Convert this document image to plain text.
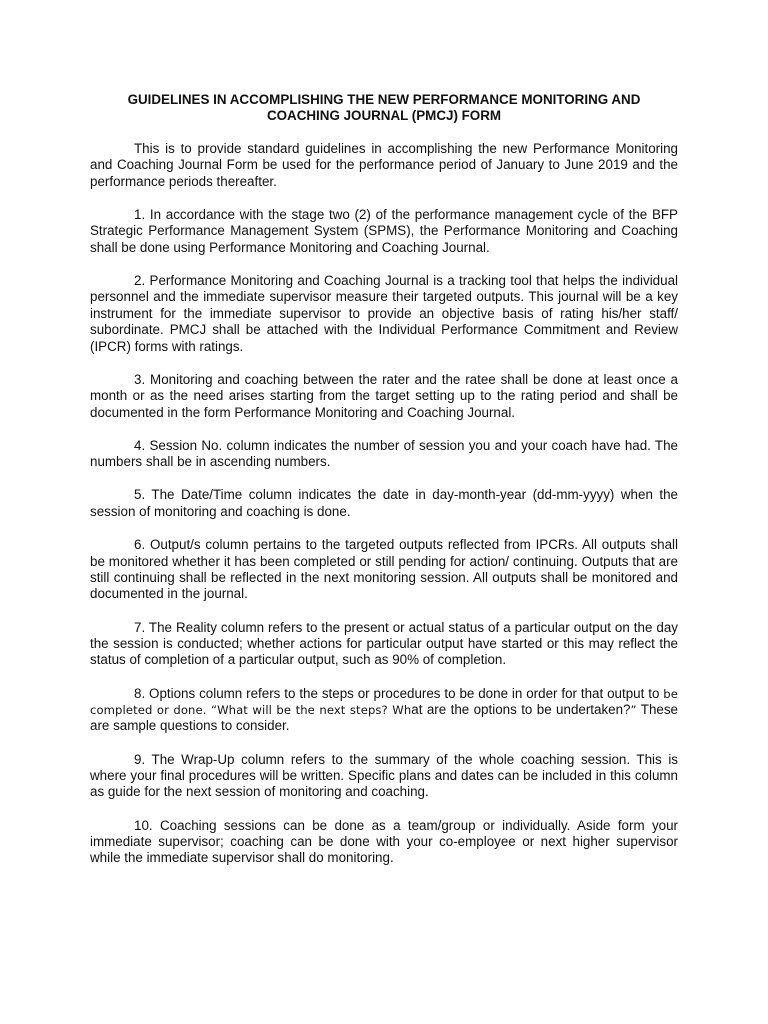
GUIDELINES IN ACCOMPLISHING THE NEW PERFORMANCE MONITORING AND
COACHING JOURNAL (PMCJ) FORM

This is to provide standard guidelines in accomplishing the new Performance Monitoring and Coaching Journal Form be used for the performance period of January to June 2019 and the performance periods thereafter.

1. In accordance with the stage two (2) of the performance management cycle of the BFP Strategic Performance Management System (SPMS), the Performance Monitoring and Coaching shall be done using Performance Monitoring and Coaching Journal.

2. Performance Monitoring and Coaching Journal is a tracking tool that helps the individual personnel and the immediate supervisor measure their targeted outputs. This journal will be a key instrument for the immediate supervisor to provide an objective basis of rating his/her staff/ subordinate. PMCJ shall be attached with the Individual Performance Commitment and Review (IPCR) forms with ratings.

3. Monitoring and coaching between the rater and the ratee shall be done at least once a month or as the need arises starting from the target setting up to the rating period and shall be documented in the form Performance Monitoring and Coaching Journal.

4. Session No. column indicates the number of session you and your coach have had. The numbers shall be in ascending numbers.

5. The Date/Time column indicates the date in day-month-year (dd-mm-yyyy) when the session of monitoring and coaching is done.

6. Output/s column pertains to the targeted outputs reflected from IPCRs. All outputs shall be monitored whether it has been completed or still pending for action/ continuing. Outputs that are still continuing shall be reflected in the next monitoring session. All outputs shall be monitored and documented in the journal.

7. The Reality column refers to the present or actual status of a particular output on the day the session is conducted; whether actions for particular output have started or this may reflect the status of completion of a particular output, such as 90% of completion.

8. Options column refers to the steps or procedures to be done in order for that output to be completed or done. “What will be the next steps? What are the options to be undertaken?” These are sample questions to consider.

9. The Wrap-Up column refers to the summary of the whole coaching session. This is where your final procedures will be written. Specific plans and dates can be included in this column as guide for the next session of monitoring and coaching.

10. Coaching sessions can be done as a team/group or individually. Aside form your immediate supervisor; coaching can be done with your co-employee or next higher supervisor while the immediate supervisor shall do monitoring.
